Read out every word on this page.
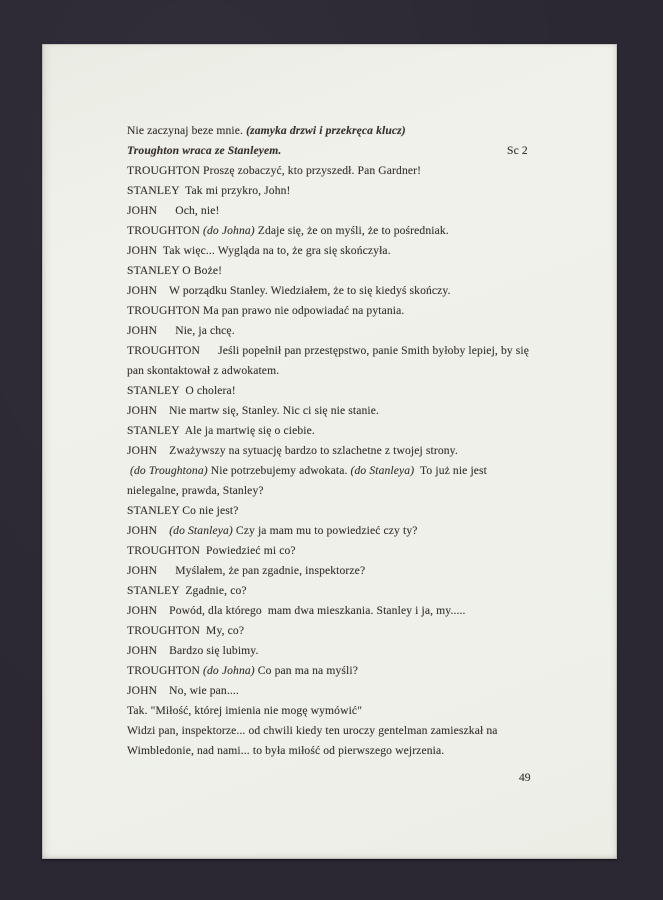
Nie zaczynaj beze mnie. (zamyka drzwi i przekręca klucz)
Troughton wraca ze Stanleyem.	Sc 2
TROUGHTON Proszę zobaczyć, kto przyszedł. Pan Gardner!
STANLEY  Tak mi przykro, John!
JOHN      Och, nie!
TROUGHTON (do Johna) Zdaje się, że on myśli, że to pośredniak.
JOHN  Tak więc... Wygląda na to, że gra się skończyła.
STANLEY O Boże!
JOHN    W porządku Stanley. Wiedziałem, że to się kiedyś skończy.
TROUGHTON Ma pan prawo nie odpowiadać na pytania.
JOHN      Nie, ja chcę.
TROUGHTON      Jeśli popełnił pan przestępstwo, panie Smith byłoby lepiej, by się
pan skontaktował z adwokatem.
STANLEY  O cholera!
JOHN    Nie martw się, Stanley. Nic ci się nie stanie.
STANLEY  Ale ja martwię się o ciebie.
JOHN    Zważywszy na sytuację bardzo to szlachetne z twojej strony.
(do Troughtona) Nie potrzebujemy adwokata. (do Stanleya)  To już nie jest
nielegalne, prawda, Stanley?
STANLEY Co nie jest?
JOHN    (do Stanleya) Czy ja mam mu to powiedzieć czy ty?
TROUGHTON  Powiedzieć mi co?
JOHN      Myślałem, że pan zgadnie, inspektorze?
STANLEY  Zgadnie, co?
JOHN    Powód, dla którego  mam dwa mieszkania. Stanley i ja, my.....
TROUGHTON  My, co?
JOHN    Bardzo się lubimy.
TROUGHTON (do Johna) Co pan ma na myśli?
JOHN    No, wie pan....
Tak. "Miłość, której imienia nie mogę wymówić"
Widzi pan, inspektorze... od chwili kiedy ten uroczy gentelman zamieszkał na
Wimbledonie, nad nami... to była miłość od pierwszego wejrzenia.
49
